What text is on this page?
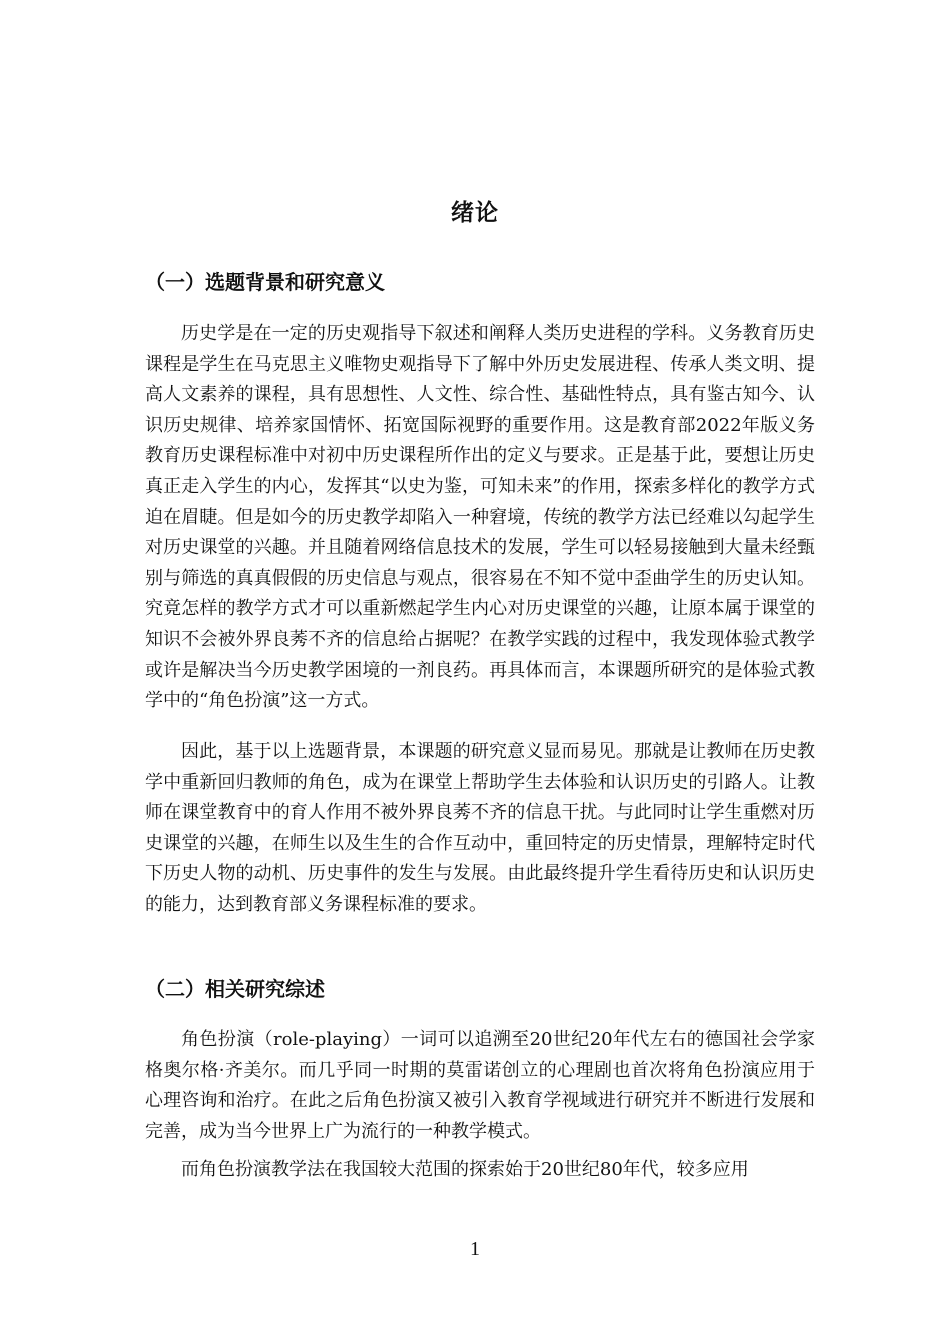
绪论
（一）选题背景和研究意义

历史学是在一定的历史观指导下叙述和阐释人类历史进程的学科。义务教育历史课程是学生在马克思主义唯物史观指导下了解中外历史发展进程、传承人类文明、提高人文素养的课程，具有思想性、人文性、综合性、基础性特点，具有鉴古知今、认识历史规律、培养家国情怀、拓宽国际视野的重要作用。这是教育部2022年版义务教育历史课程标准中对初中历史课程所作出的定义与要求。正是基于此，要想让历史真正走入学生的内心，发挥其“以史为鉴，可知未来”的作用，探索多样化的教学方式迫在眉睫。但是如今的历史教学却陷入一种窘境，传统的教学方法已经难以勾起学生对历史课堂的兴趣。并且随着网络信息技术的发展，学生可以轻易接触到大量未经甄别与筛选的真真假假的历史信息与观点，很容易在不知不觉中歪曲学生的历史认知。究竟怎样的教学方式才可以重新燃起学生内心对历史课堂的兴趣，让原本属于课堂的知识不会被外界良莠不齐的信息给占据呢？在教学实践的过程中，我发现体验式教学或许是解决当今历史教学困境的一剂良药。再具体而言，本课题所研究的是体验式教学中的“角色扮演”这一方式。

因此，基于以上选题背景，本课题的研究意义显而易见。那就是让教师在历史教学中重新回归教师的角色，成为在课堂上帮助学生去体验和认识历史的引路人。让教师在课堂教育中的育人作用不被外界良莠不齐的信息干扰。与此同时让学生重燃对历史课堂的兴趣，在师生以及生生的合作互动中，重回特定的历史情景，理解特定时代下历史人物的动机、历史事件的发生与发展。由此最终提升学生看待历史和认识历史的能力，达到教育部义务课程标准的要求。

（二）相关研究综述

角色扮演（role-playing）一词可以追溯至20世纪20年代左右的德国社会学家格奥尔格·齐美尔。而几乎同一时期的莫雷诺创立的心理剧也首次将角色扮演应用于心理咨询和治疗。在此之后角色扮演又被引入教育学视域进行研究并不断进行发展和完善，成为当今世界上广为流行的一种教学模式。

而角色扮演教学法在我国较大范围的探索始于20世纪80年代，较多应用

1
